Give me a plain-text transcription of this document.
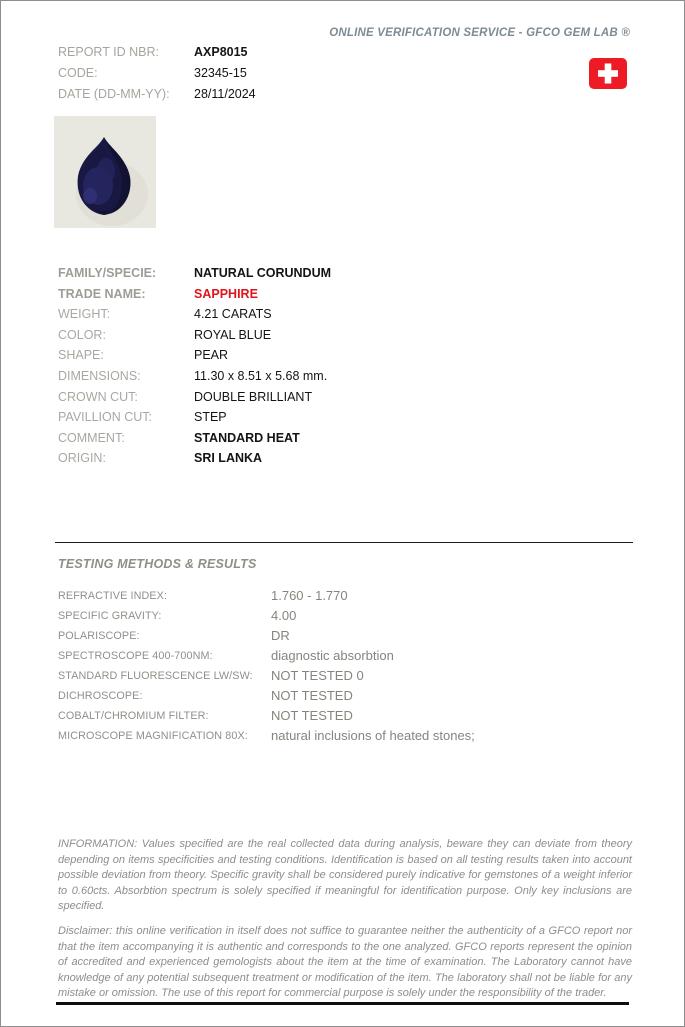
ONLINE VERIFICATION SERVICE - GFCO GEM LAB ®
REPORT ID NBR:	AXP8015
CODE:	32345-15
DATE (DD-MM-YY):	28/11/2024
FAMILY/SPECIE:	NATURAL CORUNDUM
TRADE NAME:	SAPPHIRE
WEIGHT:	4.21 CARATS
COLOR:	ROYAL BLUE
SHAPE:	PEAR
DIMENSIONS:	11.30 x 8.51 x 5.68 mm.
CROWN CUT:	DOUBLE BRILLIANT
PAVILLION CUT:	STEP
COMMENT:	STANDARD HEAT
ORIGIN:	SRI LANKA
TESTING METHODS & RESULTS
REFRACTIVE INDEX:	1.760 - 1.770
SPECIFIC GRAVITY:	4.00
POLARISCOPE:	DR
SPECTROSCOPE 400-700NM:	diagnostic absorbtion
STANDARD FLUORESCENCE LW/SW:	NOT TESTED 0
DICHROSCOPE:	NOT TESTED
COBALT/CHROMIUM FILTER:	NOT TESTED
MICROSCOPE MAGNIFICATION 80X:	natural inclusions of heated stones;
INFORMATION: Values specified are the real collected data during analysis, beware they can deviate from theory depending on items specificities and testing conditions. Identification is based on all testing results taken into account possible deviation from theory. Specific gravity shall be considered purely indicative for gemstones of a weight inferior to 0.60cts. Absorbtion spectrum is solely specified if meaningful for identification purpose. Only key inclusions are specified.
Disclaimer: this online verification in itself does not suffice to guarantee neither the authenticity of a GFCO report nor that the item accompanying it is authentic and corresponds to the one analyzed. GFCO reports represent the opinion of accredited and experienced gemologists about the item at the time of examination. The Laboratory cannot have knowledge of any potential subsequent treatment or modification of the item. The laboratory shall not be liable for any mistake or omission. The use of this report for commercial purpose is solely under the responsibility of the trader.
